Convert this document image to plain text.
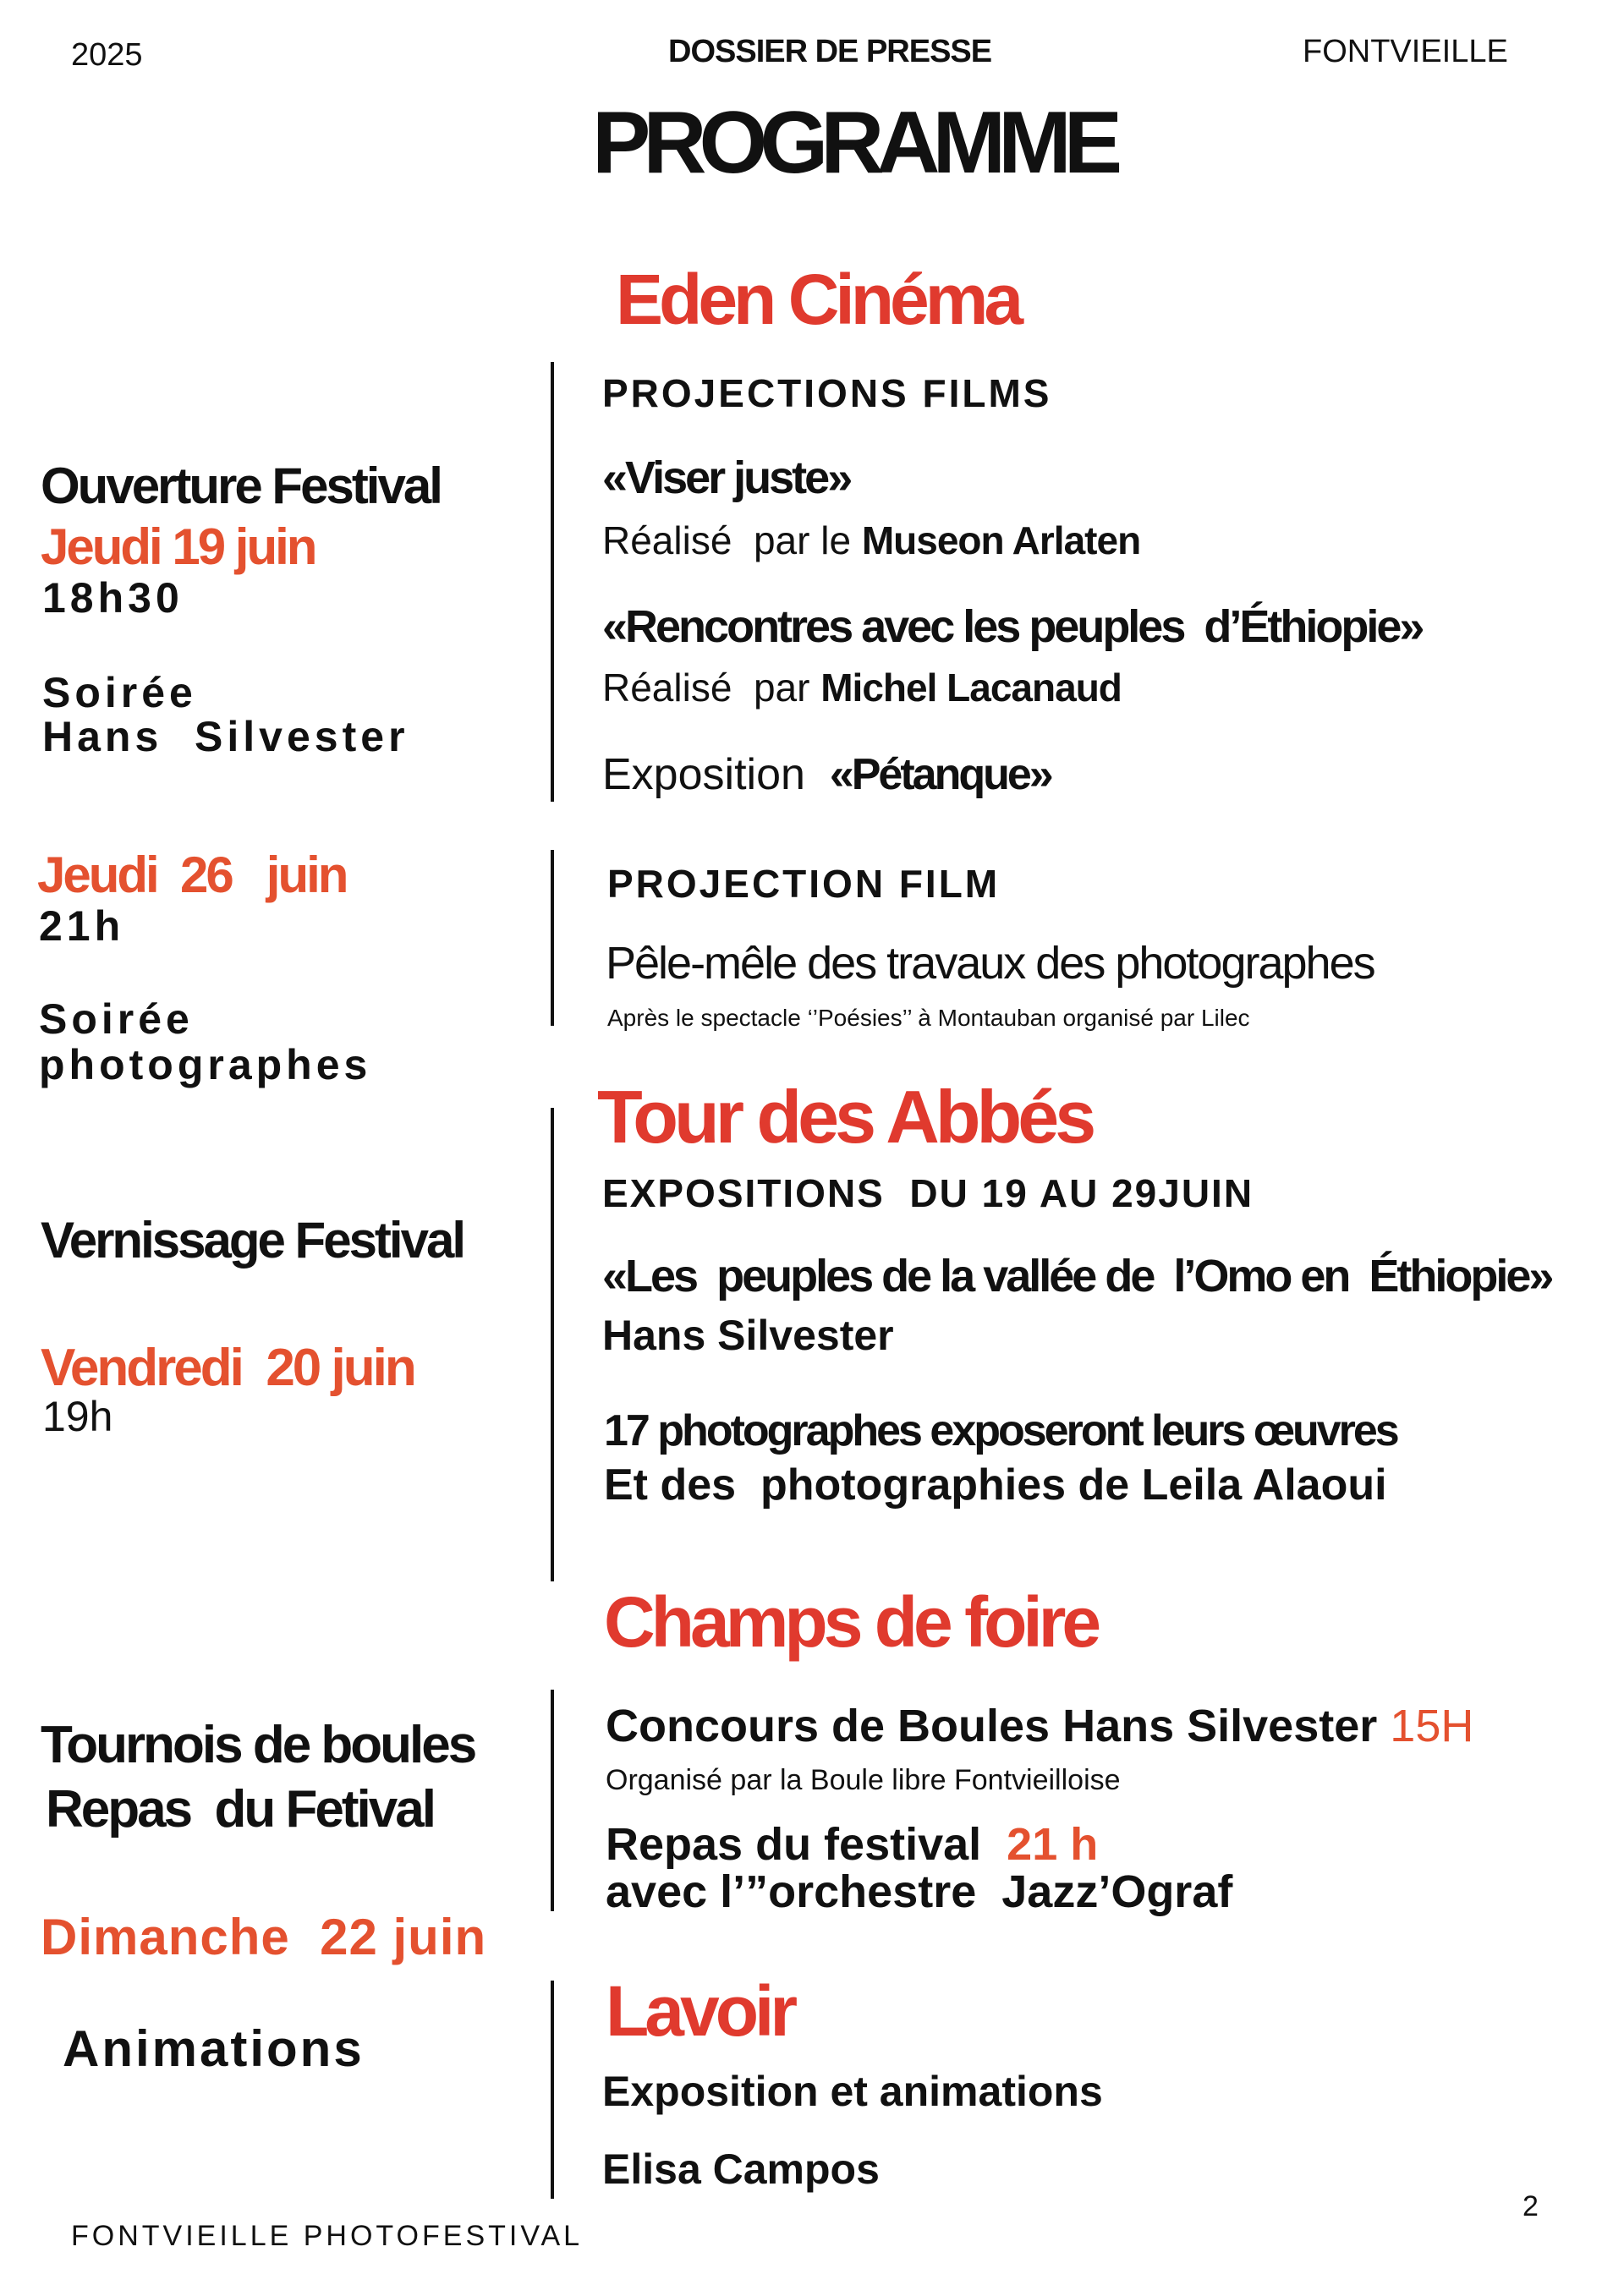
2025	DOSSIER DE PRESSE	FONTVIEILLE
PROGRAMME
Ouverture Festival
Jeudi 19 juin
18h30
Soirée
Hans  Silvester
Jeudi  26   juin
21h
Soirée
photographes
Vernissage Festival
Vendredi  20 juin
19h
Tournois de boules
Repas  du Fetival
Dimanche  22 juin
Animations
Eden Cinéma
PROJECTIONS FILMS
«Viser juste»
Réalisé  par le Museon Arlaten
«Rencontres avec les peuples  d’Éthiopie»
Réalisé  par Michel Lacanaud
Exposition  «Pétanque»
PROJECTION FILM
Pêle-mêle des travaux des photographes
Après le spectacle ‘’Poésies’’ à Montauban organisé par Lilec
Tour des Abbés
EXPOSITIONS  DU 19 AU 29JUIN
«Les  peuples de la vallée de  l’Omo en  Éthiopie»
Hans Silvester
17 photographes exposeront leurs œuvres
Et des  photographies de Leila Alaoui
Champs de foire
Concours de Boules Hans Silvester 15H
Organisé par la Boule libre Fontvieilloise
Repas du festival  21 h
avec l’”orchestre  Jazz’Ograf
Lavoir
Exposition et animations
Elisa Campos
FONTVIEILLE PHOTOFESTIVAL
2
